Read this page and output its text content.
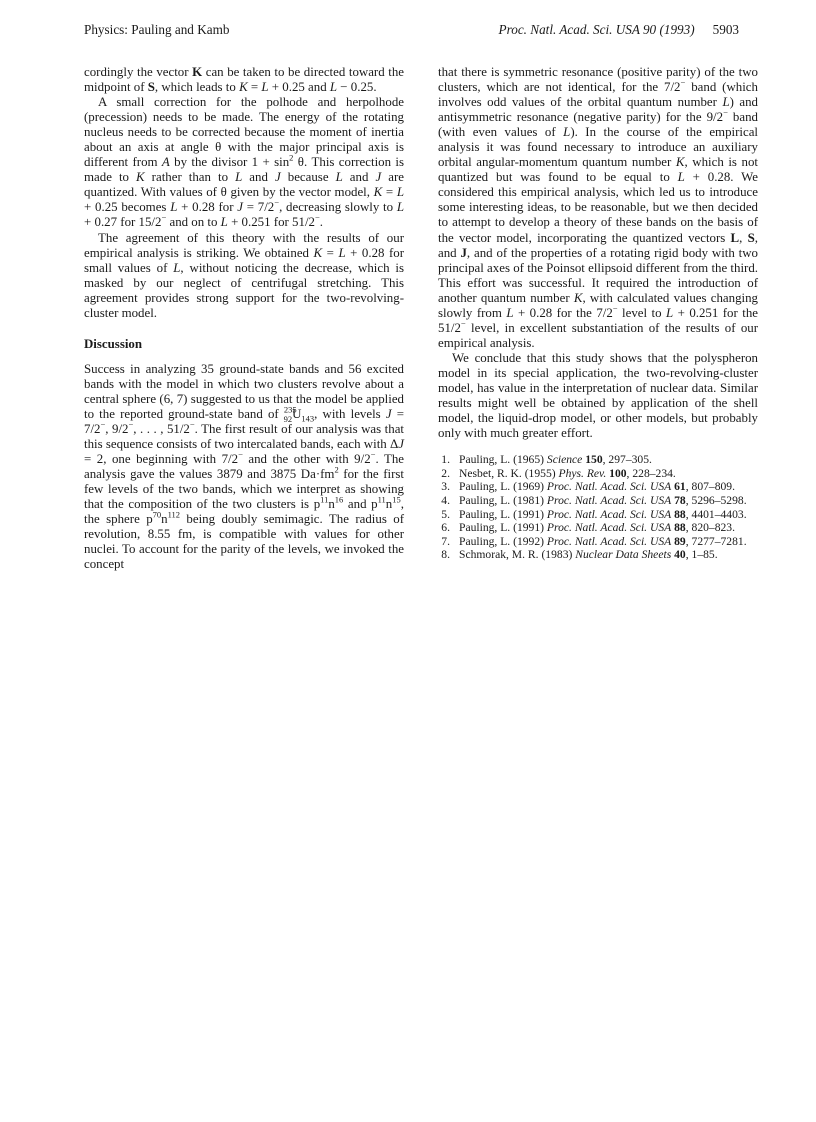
Physics: Pauling and Kamb	Proc. Natl. Acad. Sci. USA 90 (1993) 5903

cordingly the vector K can be taken to be directed toward the midpoint of S, which leads to K = L + 0.25 and L − 0.25.

A small correction for the polhode and herpolhode (precession) needs to be made. The energy of the rotating nucleus needs to be corrected because the moment of inertia about an axis at angle θ with the major principal axis is different from A by the divisor $1 + \sin^2 \theta$. This correction is made to K rather than to L and J because L and J are quantized. With values of θ given by the vector model, K = L + 0.25 becomes L + 0.28 for J = 7/2−, decreasing slowly to L + 0.27 for 15/2− and on to L + 0.251 for 51/2−.

The agreement of this theory with the results of our empirical analysis is striking. We obtained K = L + 0.28 for small values of L, without noticing the decrease, which is masked by our neglect of centrifugal stretching. This agreement provides strong support for the two-revolving-cluster model.

Discussion

Success in analyzing 35 ground-state bands and 56 excited bands with the model in which two clusters revolve about a central sphere (6, 7) suggested to us that the model be applied to the reported ground-state band of $^{235}_{92}U_{143}$, with levels J = 7/2−, 9/2−, . . . , 51/2−. The first result of our analysis was that this sequence consists of two intercalated bands, each with ΔJ = 2, one beginning with 7/2− and the other with 9/2−. The analysis gave the values 3879 and 3875 $Da\cdot fm^2$ for the first few levels of the two bands, which we interpret as showing that the composition of the two clusters is $p^{11}n^{16}$ and $p^{11}n^{15}$, the sphere $p^{70}n^{112}$ being doubly semimagic. The radius of revolution, 8.55 fm, is compatible with values for other nuclei. To account for the parity of the levels, we invoked the concept

that there is symmetric resonance (positive parity) of the two clusters, which are not identical, for the 7/2− band (which involves odd values of the orbital quantum number L) and antisymmetric resonance (negative parity) for the 9/2− band (with even values of L). In the course of the empirical analysis it was found necessary to introduce an auxiliary orbital angular-momentum quantum number K, which is not quantized but was found to be equal to L + 0.28. We considered this empirical analysis, which led us to introduce some interesting ideas, to be reasonable, but we then decided to attempt to develop a theory of these bands on the basis of the vector model, incorporating the quantized vectors L, S, and J, and of the properties of a rotating rigid body with two principal axes of the Poinsot ellipsoid different from the third. This effort was successful. It required the introduction of another quantum number K, with calculated values changing slowly from L + 0.28 for the 7/2− level to L + 0.251 for the 51/2− level, in excellent substantiation of the results of our empirical analysis.

We conclude that this study shows that the polyspheron model in its special application, the two-revolving-cluster model, has value in the interpretation of nuclear data. Similar results might well be obtained by application of the shell model, the liquid-drop model, or other models, but probably only with much greater effort.

1. Pauling, L. (1965) Science 150, 297–305.
2. Nesbet, R. K. (1955) Phys. Rev. 100, 228–234.
3. Pauling, L. (1969) Proc. Natl. Acad. Sci. USA 61, 807–809.
4. Pauling, L. (1981) Proc. Natl. Acad. Sci. USA 78, 5296–5298.
5. Pauling, L. (1991) Proc. Natl. Acad. Sci. USA 88, 4401–4403.
6. Pauling, L. (1991) Proc. Natl. Acad. Sci. USA 88, 820–823.
7. Pauling, L. (1992) Proc. Natl. Acad. Sci. USA 89, 7277–7281.
8. Schmorak, M. R. (1983) Nuclear Data Sheets 40, 1–85.
